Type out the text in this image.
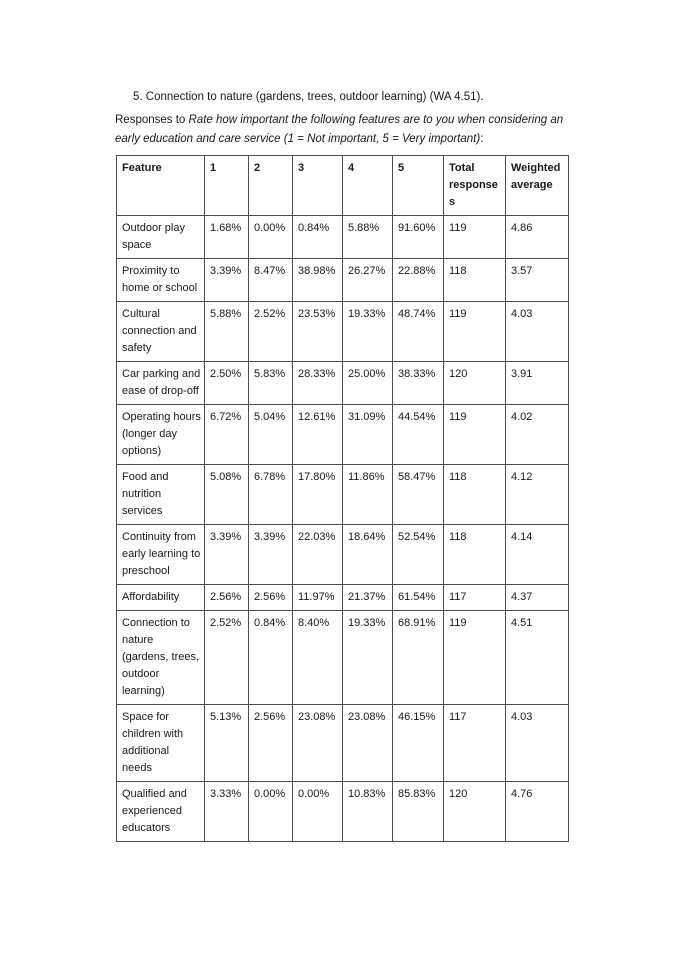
5. Connection to nature (gardens, trees, outdoor learning) (WA 4.51).

Responses to Rate how important the following features are to you when considering an early education and care service (1 = Not important, 5 = Very important):

Feature	1	2	3	4	5	Total responses	Weighted average
Outdoor play space	1.68%	0.00%	0.84%	5.88%	91.60%	119	4.86
Proximity to home or school	3.39%	8.47%	38.98%	26.27%	22.88%	118	3.57
Cultural connection and safety	5.88%	2.52%	23.53%	19.33%	48.74%	119	4.03
Car parking and ease of drop-off	2.50%	5.83%	28.33%	25.00%	38.33%	120	3.91
Operating hours (longer day options)	6.72%	5.04%	12.61%	31.09%	44.54%	119	4.02
Food and nutrition services	5.08%	6.78%	17.80%	11.86%	58.47%	118	4.12
Continuity from early learning to preschool	3.39%	3.39%	22.03%	18.64%	52.54%	118	4.14
Affordability	2.56%	2.56%	11.97%	21.37%	61.54%	117	4.37
Connection to nature (gardens, trees, outdoor learning)	2.52%	0.84%	8.40%	19.33%	68.91%	119	4.51
Space for children with additional needs	5.13%	2.56%	23.08%	23.08%	46.15%	117	4.03
Qualified and experienced educators	3.33%	0.00%	0.00%	10.83%	85.83%	120	4.76
